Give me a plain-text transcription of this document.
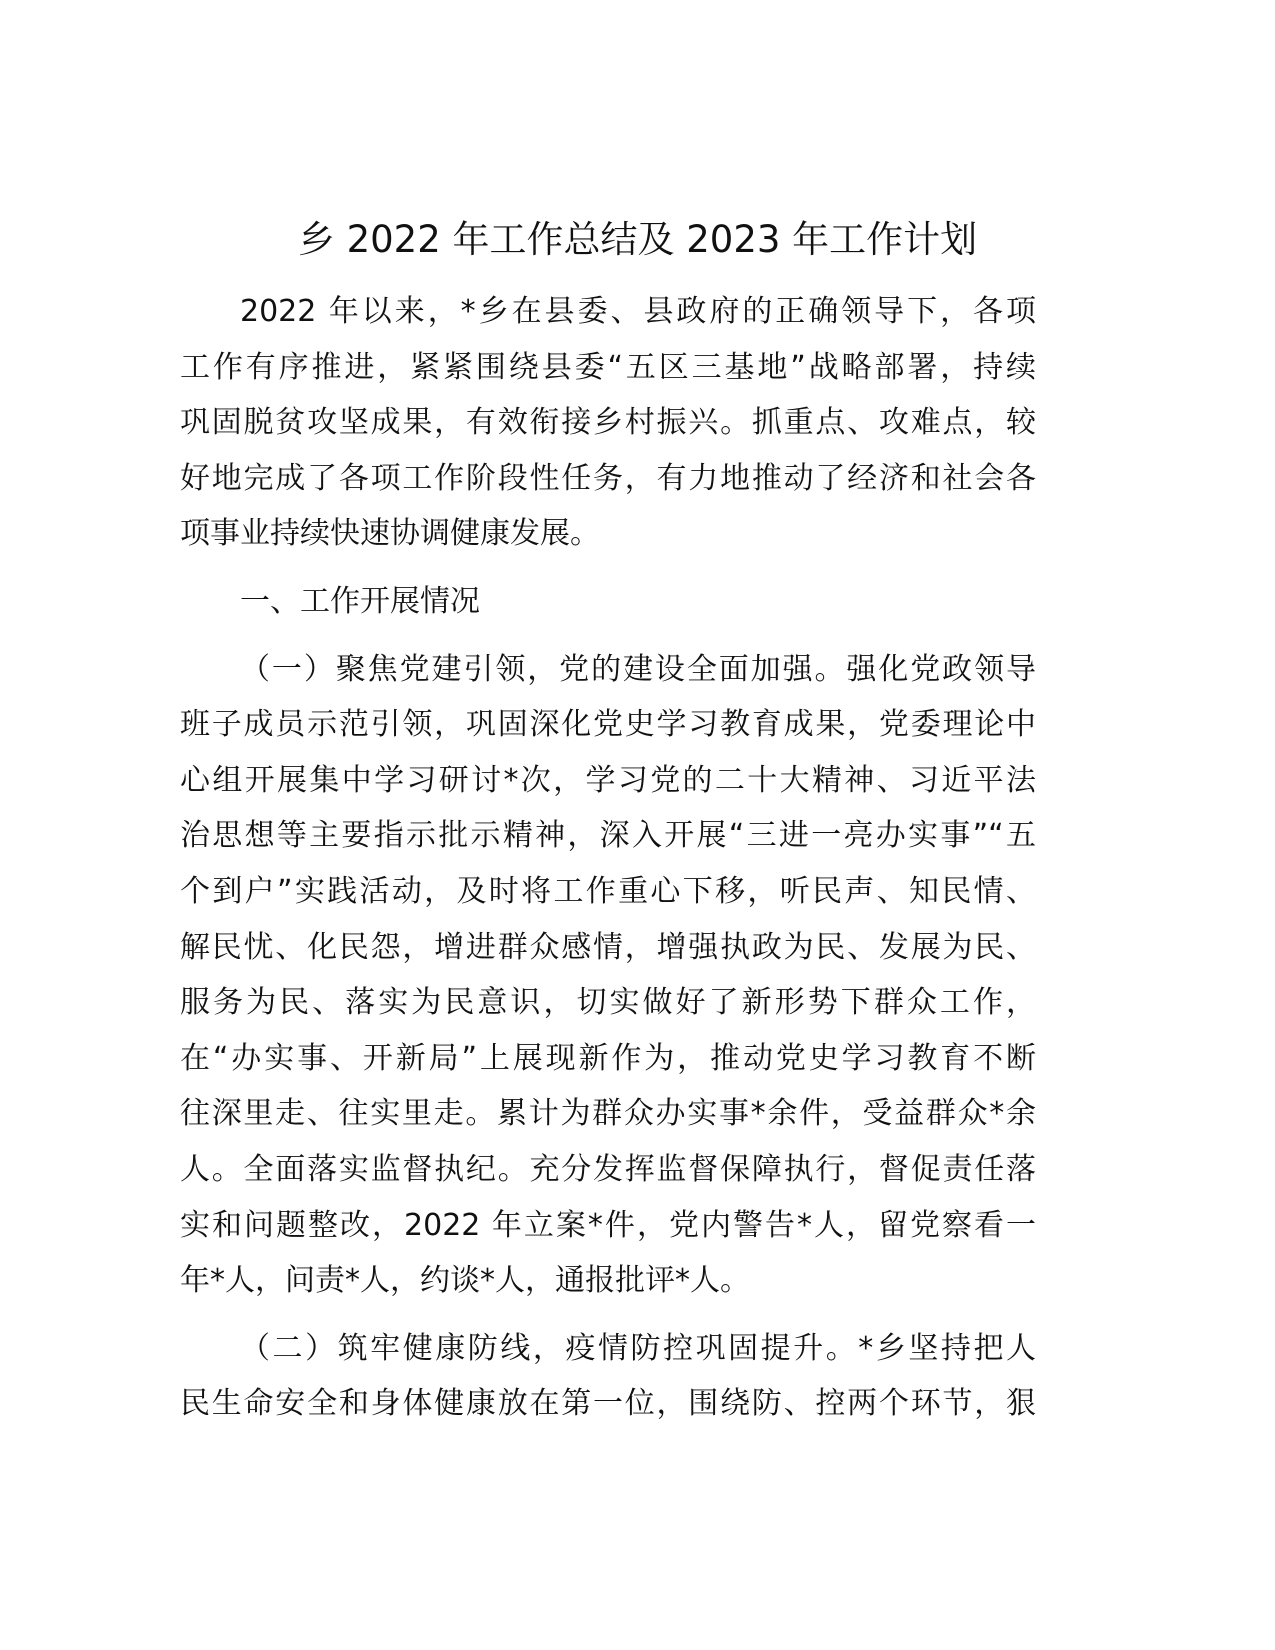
乡 2022 年工作总结及 2023 年工作计划
2022 年以来，*乡在县委、县政府的正确领导下，各项
工作有序推进，紧紧围绕县委“五区三基地”战略部署，持续
巩固脱贫攻坚成果，有效衔接乡村振兴。抓重点、攻难点，较
好地完成了各项工作阶段性任务，有力地推动了经济和社会各
项事业持续快速协调健康发展。
一、工作开展情况
（一）聚焦党建引领，党的建设全面加强。强化党政领导
班子成员示范引领，巩固深化党史学习教育成果，党委理论中
心组开展集中学习研讨*次，学习党的二十大精神、习近平法
治思想等主要指示批示精神，深入开展“三进一亮办实事”“五
个到户”实践活动，及时将工作重心下移，听民声、知民情、
解民忧、化民怨，增进群众感情，增强执政为民、发展为民、
服务为民、落实为民意识，切实做好了新形势下群众工作，
在“办实事、开新局”上展现新作为，推动党史学习教育不断
往深里走、往实里走。累计为群众办实事*余件，受益群众*余
人。全面落实监督执纪。充分发挥监督保障执行，督促责任落
实和问题整改，2022 年立案*件，党内警告*人，留党察看一
年*人，问责*人，约谈*人，通报批评*人。
（二）筑牢健康防线，疫情防控巩固提升。*乡坚持把人
民生命安全和身体健康放在第一位，围绕防、控两个环节，狠
